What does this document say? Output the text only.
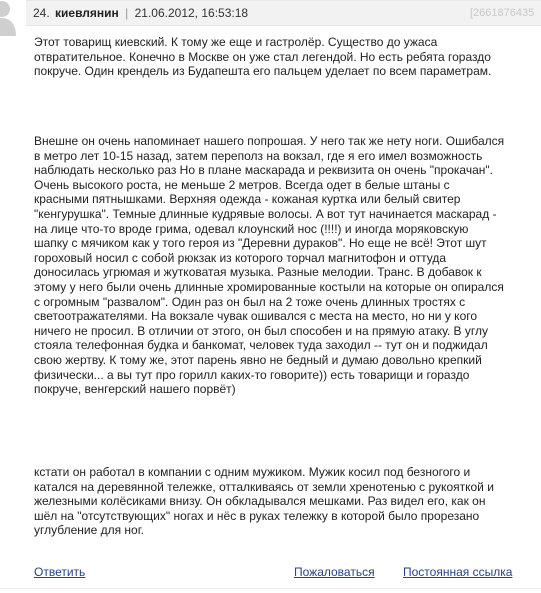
24. киевлянин | 21.06.2012, 16:53:18	[2661876435

Этот товарищ киевский. К тому же еще и гастролёр. Существо до ужаса
отвратительное. Конечно в Москве он уже стал легендой. Но есть ребята гораздо
покруче. Один крендель из Будапешта его пальцем уделает по всем параметрам.

Внешне он очень напоминает нашего попрошая. У него так же нету ноги. Ошибался
в метро лет 10-15 назад, затем переполз на вокзал, где я его имел возможность
наблюдать несколько раз Но в плане маскарада и реквизита он очень "прокачан".
Очень высокого роста, не меньше 2 метров. Всегда одет в белые штаны с
красными пятнышками. Верхняя одежда - кожаная куртка или белый свитер
"кенгурушка". Темные длинные кудрявые волосы. А вот тут начинается маскарад -
на лице что-то вроде грима, одевал клоунский нос (!!!!) и иногда моряковскую
шапку с мячиком как у того героя из "Деревни дураков". Но еще не всё! Этот шут
гороховый носил с собой рюкзак из которого торчал магнитофон и оттуда
доносилась угрюмая и жутковатая музыка. Разные мелодии. Транс. В добавок к
этому у него были очень длинные хромированные костыли на которые он опирался
с огромным "развалом". Один раз он был на 2 тоже очень длинных тростях с
светоотражателями. На вокзале чувак ошивался с места на место, но ни у кого
ничего не просил. В отличии от этого, он был способен и на прямую атаку. В углу
стояла телефонная будка и банкомат, человек туда заходил -- тут он и поджидал
свою жертву. К тому же, этот парень явно не бедный и думаю довольно крепкий
физически... а вы тут про горилл каких-то говорите)) есть товарищи и гораздо
покруче, венгерский нашего порвёт)

кстати он работал в компании с одним мужиком. Мужик косил под безногого и
катался на деревянной тележке, отталкиваясь от земли хренотенью с рукояткой и
железными колёсиками внизу. Он обкладывался мешками. Раз видел его, как он
шёл на "отсутствующих" ногах и нёс в руках тележку в которой было прорезано
углубление для ног.

Ответить	Пожаловаться Постоянная ссылка
